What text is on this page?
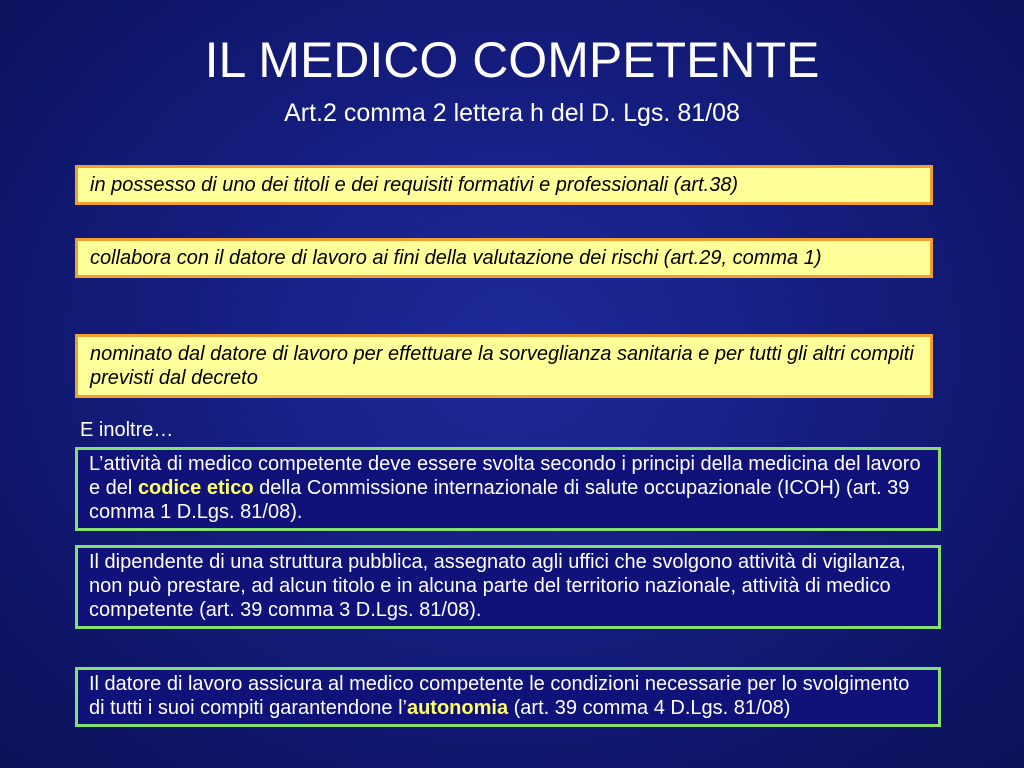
IL MEDICO COMPETENTE
Art.2 comma 2 lettera h del D. Lgs. 81/08
in possesso di uno dei titoli e dei requisiti formativi e professionali (art.38)
collabora con il datore di lavoro ai fini della valutazione dei rischi (art.29, comma 1)
nominato dal datore di lavoro per effettuare la sorveglianza sanitaria e per tutti gli altri compiti previsti dal decreto
E inoltre…
L’attività di medico competente deve essere svolta secondo i principi della medicina del lavoro e del codice etico della Commissione internazionale di salute occupazionale (ICOH) (art. 39 comma 1 D.Lgs. 81/08).
Il dipendente di una struttura pubblica, assegnato agli uffici che svolgono attività di vigilanza, non può prestare, ad alcun titolo e in alcuna parte del territorio nazionale, attività di medico competente (art. 39 comma 3 D.Lgs. 81/08).
Il datore di lavoro assicura al medico competente le condizioni necessarie per lo svolgimento di tutti i suoi compiti garantendone l’autonomia (art. 39 comma 4 D.Lgs. 81/08)
